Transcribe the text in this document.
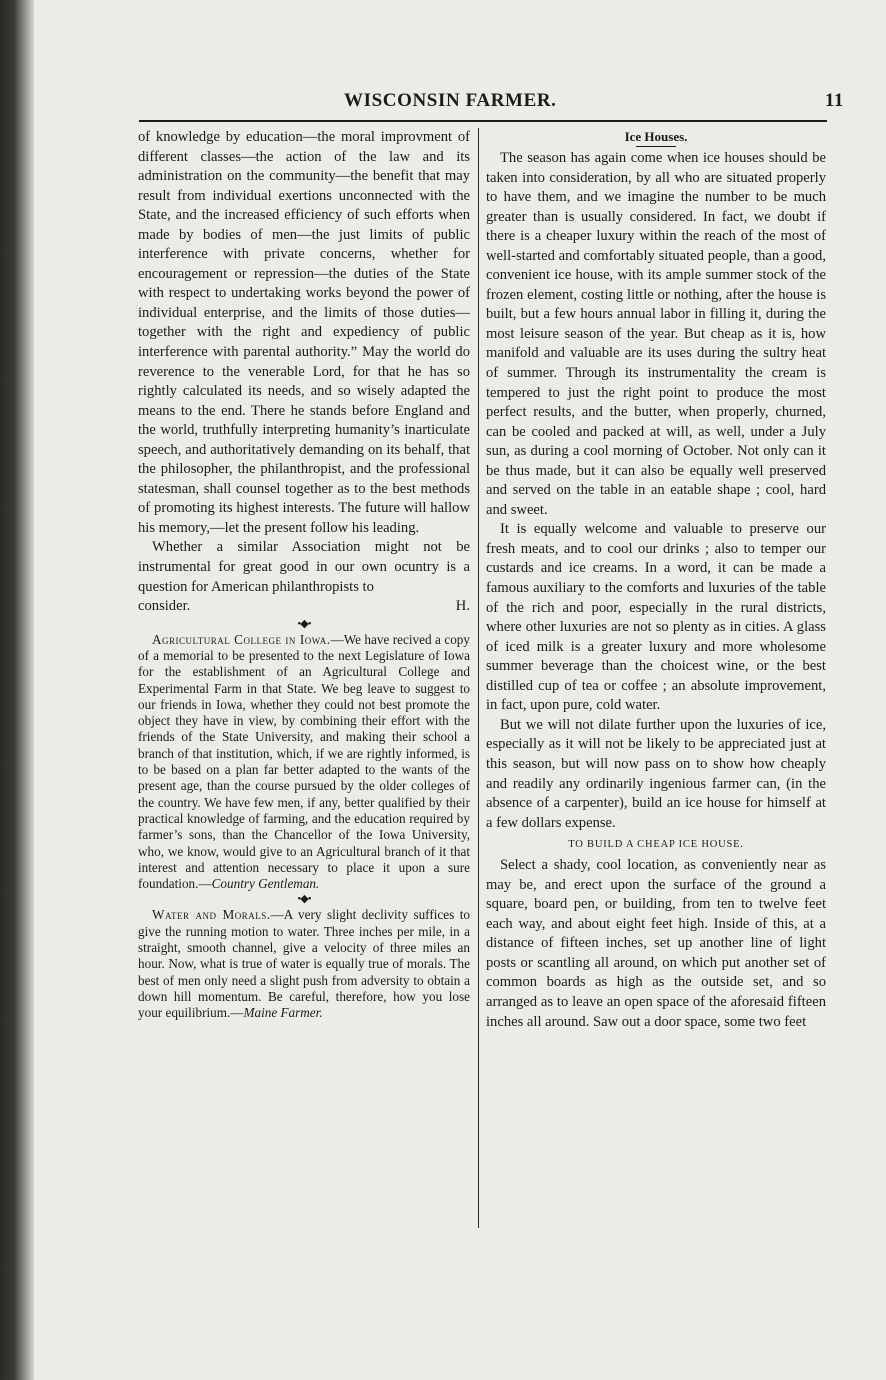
WISCONSIN FARMER.	11

of knowledge by education—the moral improvment of different classes—the action of the law and its administration on the community—the benefit that may result from individual exertions unconnected with the State, and the increased efficiency of such efforts when made by bodies of men—the just limits of public interference with private concerns, whether for encouragement or repression—the duties of the State with respect to undertaking works beyond the power of individual enterprise, and the limits of those duties—together with the right and expediency of public interference with parental authority.” May the world do reverence to the venerable Lord, for that he has so rightly calculated its needs, and so wisely adapted the means to the end. There he stands before England and the world, truthfully interpreting humanity’s inarticulate speech, and authoritatively demanding on its behalf, that the philosopher, the philanthropist, and the professional statesman, shall counsel together as to the best methods of promoting its highest interests. The future will hallow his memory,—let the present follow his leading.

Whether a similar Association might not be instrumental for great good in our own ocuntry is a question for American philanthropists to

consider.	H.

•◆•

Agricultural College in Iowa.—We have recived a copy of a memorial to be presented to the next Legislature of Iowa for the establishment of an Agricultural College and Experimental Farm in that State. We beg leave to suggest to our friends in Iowa, whether they could not best promote the object they have in view, by combining their effort with the friends of the State University, and making their school a branch of that institution, which, if we are rightly informed, is to be based on a plan far better adapted to the wants of the present age, than the course pursued by the older colleges of the country. We have few men, if any, better qualified by their practical knowledge of farming, and the education required by farmer’s sons, than the Chancellor of the Iowa University, who, we know, would give to an Agricultural branch of it that interest and attention necessary to place it upon a sure foundation.—Country Gentleman.

•◆•

Water and Morals.—A very slight declivity suffices to give the running motion to water. Three inches per mile, in a straight, smooth channel, give a velocity of three miles an hour. Now, what is true of water is equally true of morals. The best of men only need a slight push from adversity to obtain a down hill momentum. Be careful, therefore, how you lose your equilibrium.—Maine Farmer.

Ice Houses.

The season has again come when ice houses should be taken into consideration, by all who are situated properly to have them, and we imagine the number to be much greater than is usually considered. In fact, we doubt if there is a cheaper luxury within the reach of the most of well-started and comfortably situated people, than a good, convenient ice house, with its ample summer stock of the frozen element, costing little or nothing, after the house is built, but a few hours annual labor in filling it, during the most leisure season of the year. But cheap as it is, how manifold and valuable are its uses during the sultry heat of summer. Through its instrumentality the cream is tempered to just the right point to produce the most perfect results, and the butter, when properly, churned, can be cooled and packed at will, as well, under a July sun, as during a cool morning of October. Not only can it be thus made, but it can also be equally well preserved and served on the table in an eatable shape ; cool, hard and sweet.

It is equally welcome and valuable to preserve our fresh meats, and to cool our drinks ; also to temper our custards and ice creams. In a word, it can be made a famous auxiliary to the comforts and luxuries of the table of the rich and poor, especially in the rural districts, where other luxuries are not so plenty as in cities. A glass of iced milk is a greater luxury and more wholesome summer beverage than the choicest wine, or the best distilled cup of tea or coffee ; an absolute improvement, in fact, upon pure, cold water.

But we will not dilate further upon the luxuries of ice, especially as it will not be likely to be appreciated just at this season, but will now pass on to show how cheaply and readily any ordinarily ingenious farmer can, (in the absence of a carpenter), build an ice house for himself at a few dollars expense.

TO BUILD A CHEAP ICE HOUSE.

Select a shady, cool location, as conveniently near as may be, and erect upon the surface of the ground a square, board pen, or building, from ten to twelve feet each way, and about eight feet high. Inside of this, at a distance of fifteen inches, set up another line of light posts or scantling all around, on which put another set of common boards as high as the outside set, and so arranged as to leave an open space of the aforesaid fifteen inches all around. Saw out a door space, some two feet
